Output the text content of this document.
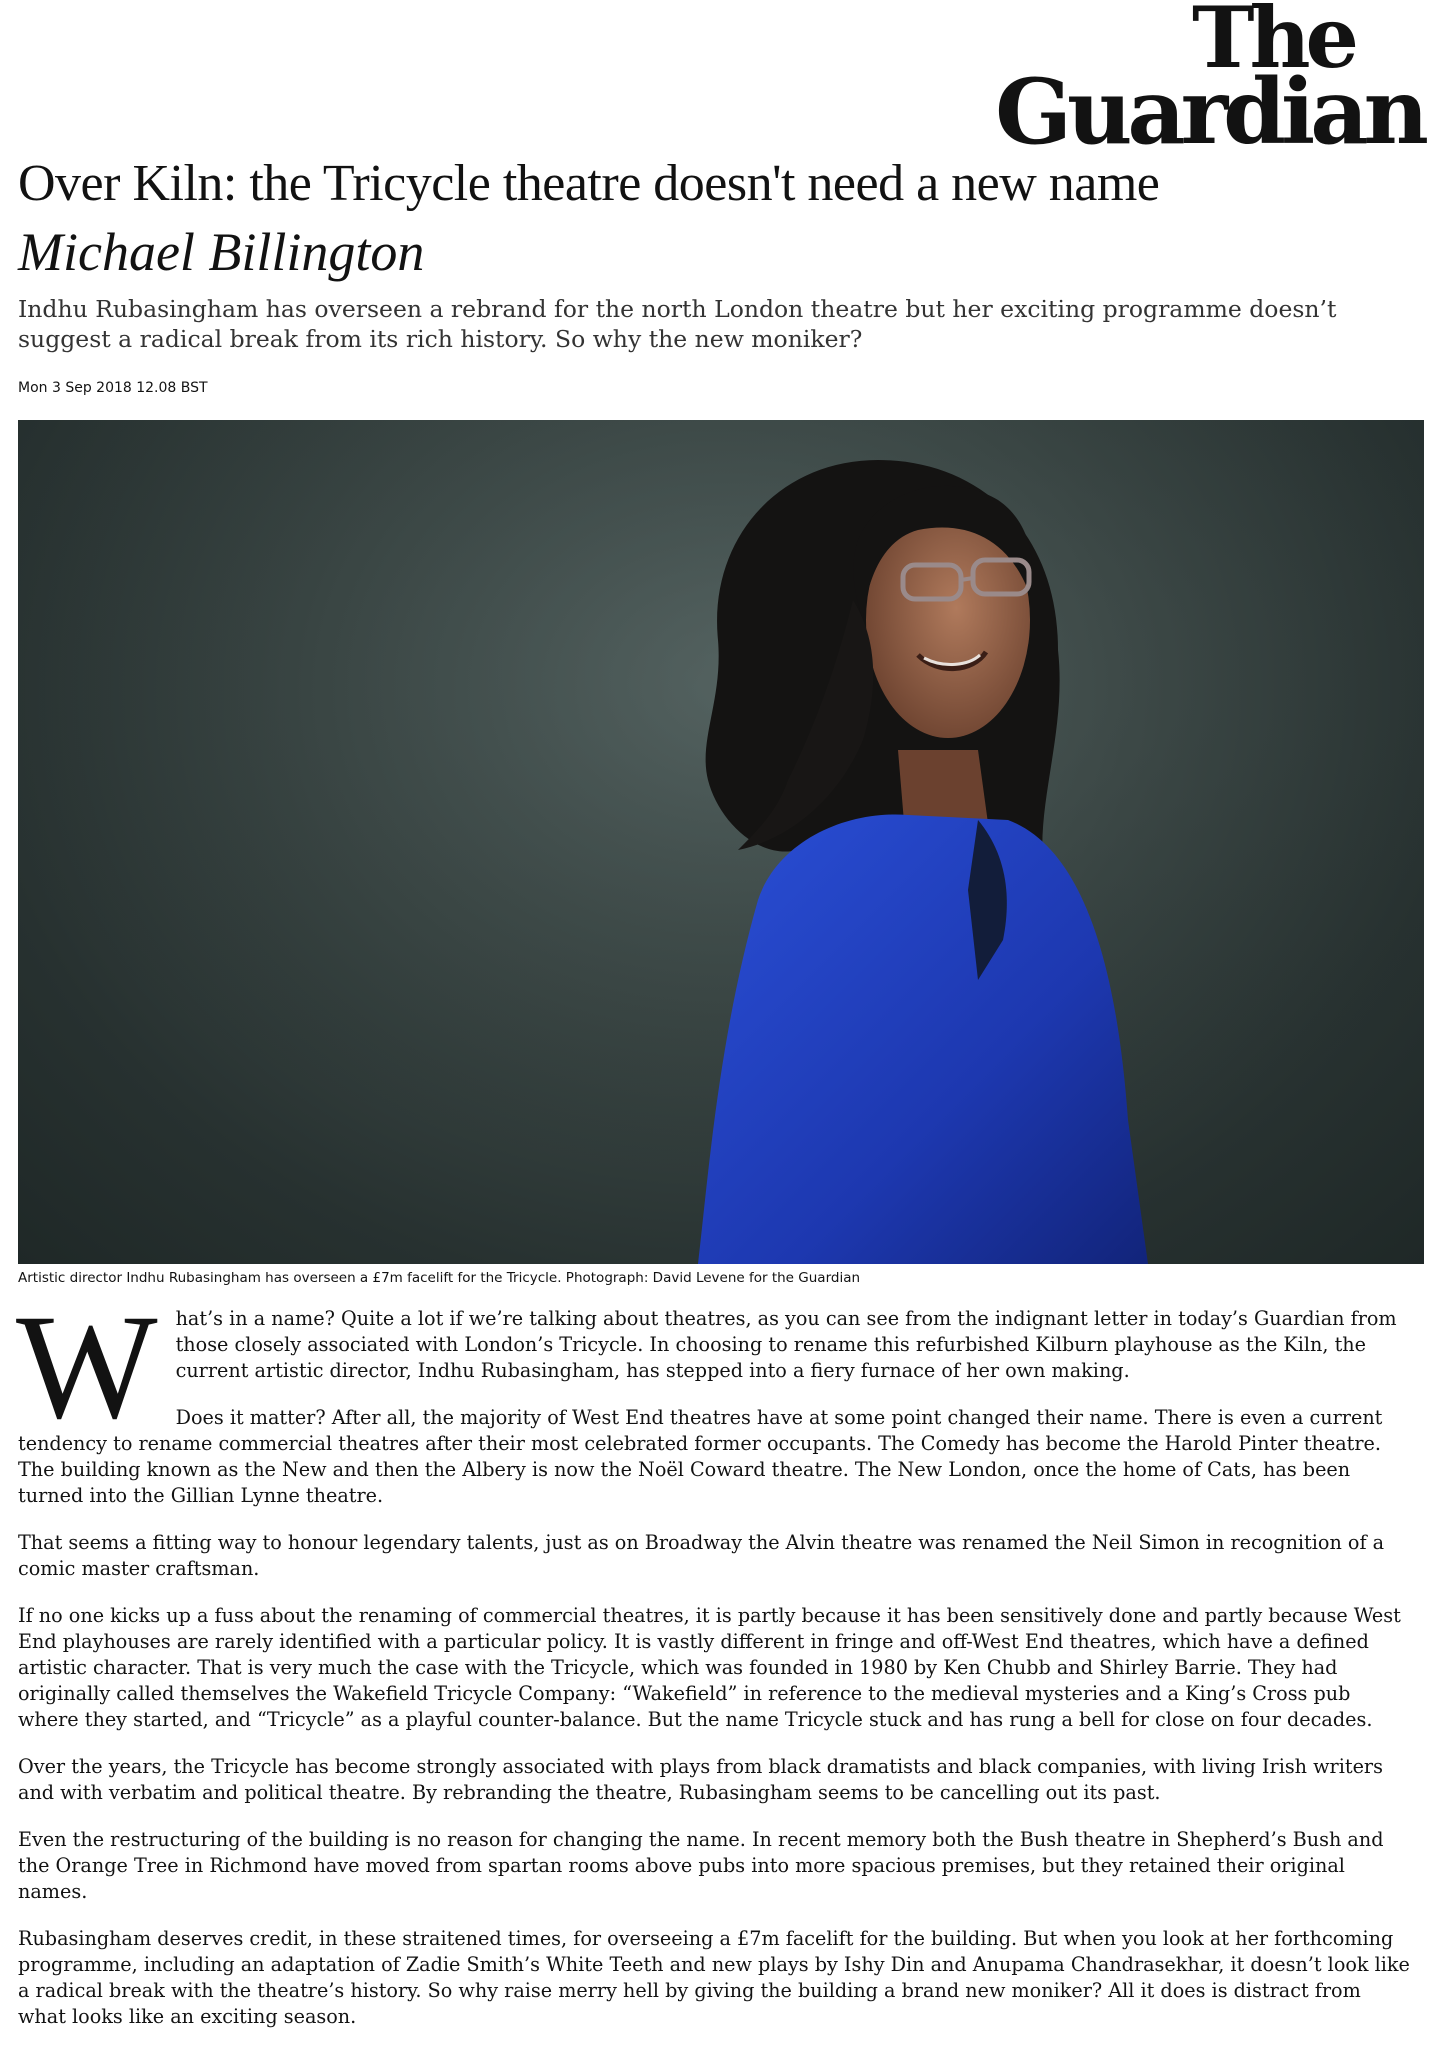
The
Guardian
Over Kiln: the Tricycle theatre doesn't need a new name
Michael Billington

Indhu Rubasingham has overseen a rebrand for the north London theatre but her exciting programme doesn’t suggest a radical break from its rich history. So why the new moniker?

Mon 3 Sep 2018 12.08 BST
Artistic director Indhu Rubasingham has overseen a £7m facelift for the Tricycle. Photograph: David Levene for the Guardian

What’s in a name? Quite a lot if we’re talking about theatres, as you can see from the indignant letter in today’s Guardian from those closely associated with London’s Tricycle. In choosing to rename this refurbished Kilburn playhouse as the Kiln, the current artistic director, Indhu Rubasingham, has stepped into a fiery furnace of her own making.

Does it matter? After all, the majority of West End theatres have at some point changed their name. There is even a current tendency to rename commercial theatres after their most celebrated former occupants. The Comedy has become the Harold Pinter theatre. The building known as the New and then the Albery is now the Noël Coward theatre. The New London, once the home of Cats, has been turned into the Gillian Lynne theatre.

That seems a fitting way to honour legendary talents, just as on Broadway the Alvin theatre was renamed the Neil Simon in recognition of a comic master craftsman.

If no one kicks up a fuss about the renaming of commercial theatres, it is partly because it has been sensitively done and partly because West End playhouses are rarely identified with a particular policy. It is vastly different in fringe and off-West End theatres, which have a defined artistic character. That is very much the case with the Tricycle, which was founded in 1980 by Ken Chubb and Shirley Barrie. They had originally called themselves the Wakefield Tricycle Company: “Wakefield” in reference to the medieval mysteries and a King’s Cross pub where they started, and “Tricycle” as a playful counter-balance. But the name Tricycle stuck and has rung a bell for close on four decades.

Over the years, the Tricycle has become strongly associated with plays from black dramatists and black companies, with living Irish writers and with verbatim and political theatre. By rebranding the theatre, Rubasingham seems to be cancelling out its past.

Even the restructuring of the building is no reason for changing the name. In recent memory both the Bush theatre in Shepherd’s Bush and the Orange Tree in Richmond have moved from spartan rooms above pubs into more spacious premises, but they retained their original names.

Rubasingham deserves credit, in these straitened times, for overseeing a £7m facelift for the building. But when you look at her forthcoming programme, including an adaptation of Zadie Smith’s White Teeth and new plays by Ishy Din and Anupama Chandrasekhar, it doesn’t look like a radical break with the theatre’s history. So why raise merry hell by giving the building a brand new moniker? All it does is distract from what looks like an exciting season.
